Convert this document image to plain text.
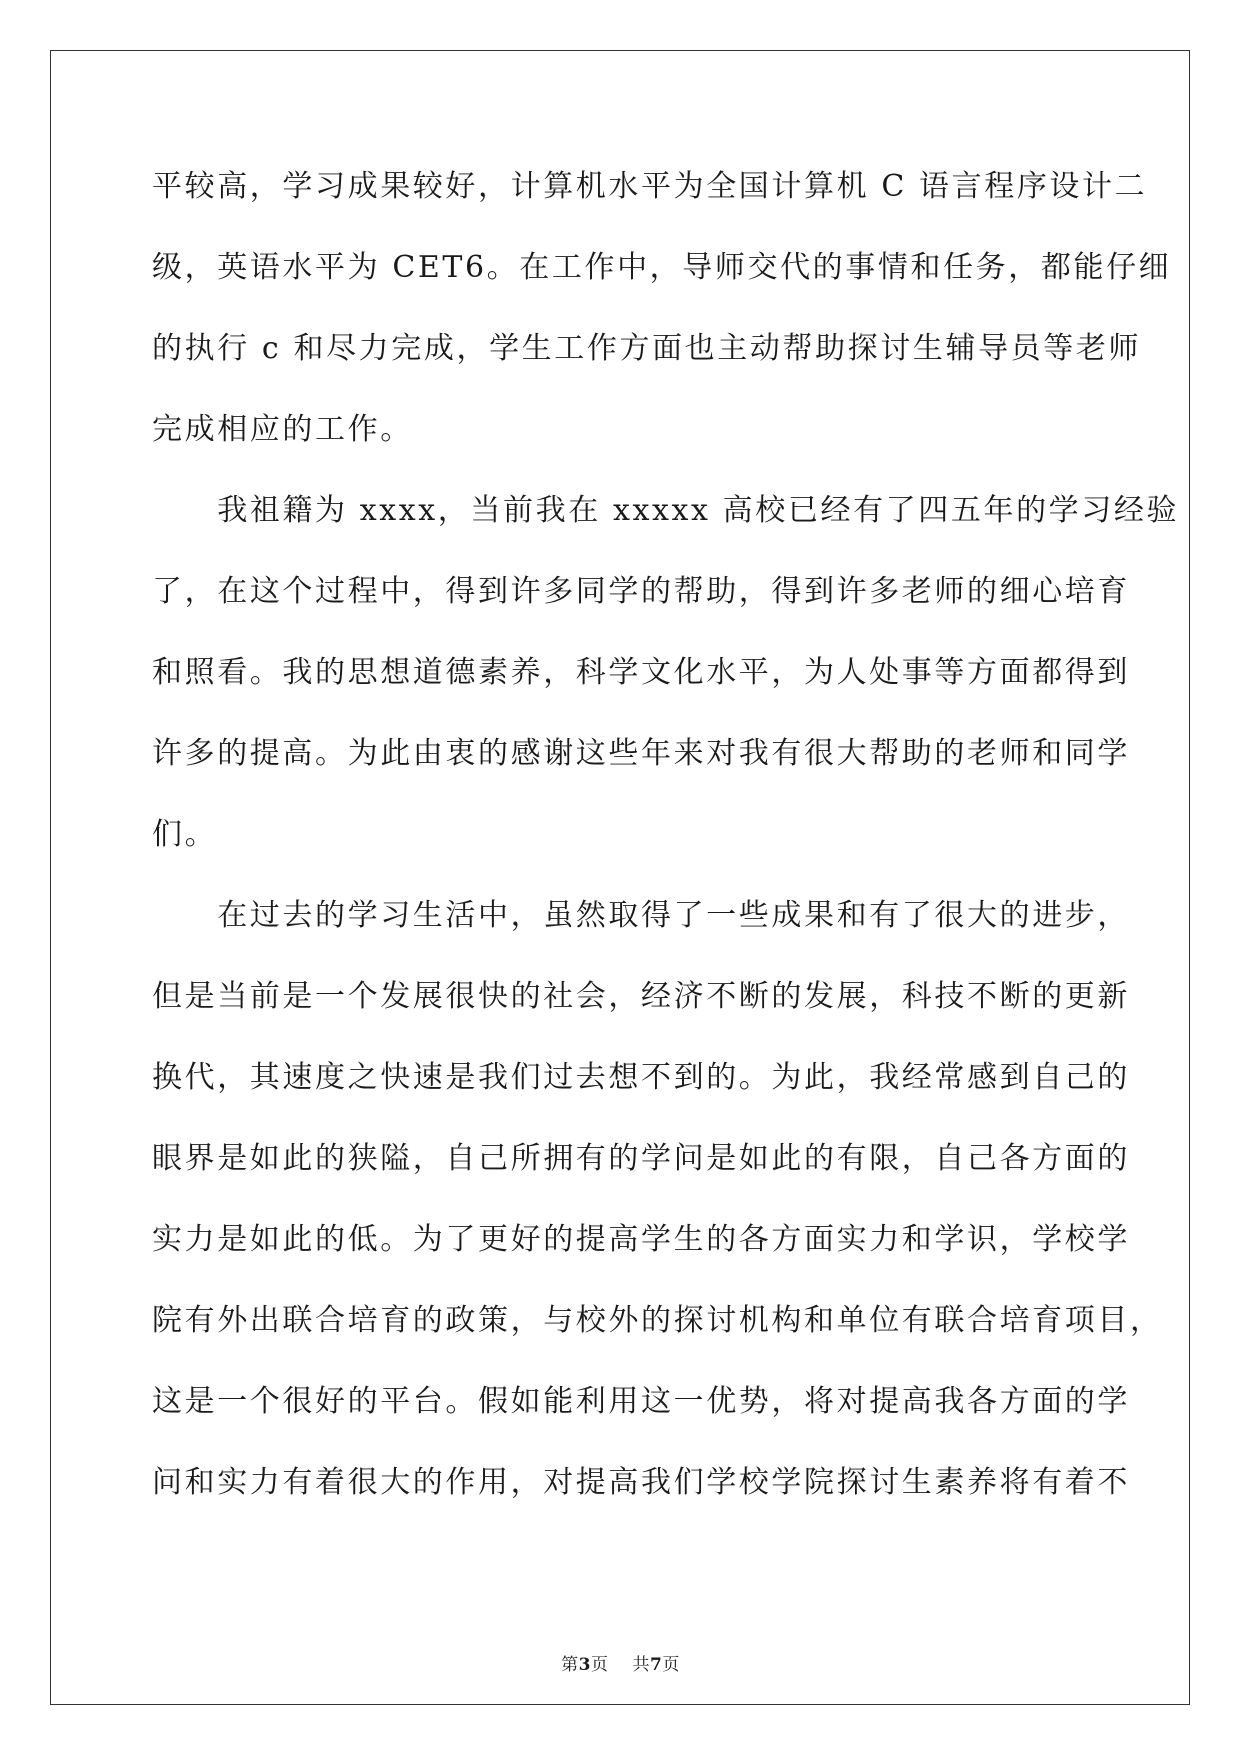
平较高，学习成果较好，计算机水平为全国计算机 C 语言程序设计二
级，英语水平为 CET6。在工作中，导师交代的事情和任务，都能仔细
的执行 c 和尽力完成，学生工作方面也主动帮助探讨生辅导员等老师
完成相应的工作。
　　我祖籍为 xxxx，当前我在 xxxxx 高校已经有了四五年的学习经验
了，在这个过程中，得到许多同学的帮助，得到许多老师的细心培育
和照看。我的思想道德素养，科学文化水平，为人处事等方面都得到
许多的提高。为此由衷的感谢这些年来对我有很大帮助的老师和同学
们。
　　在过去的学习生活中，虽然取得了一些成果和有了很大的进步，
但是当前是一个发展很快的社会，经济不断的发展，科技不断的更新
换代，其速度之快速是我们过去想不到的。为此，我经常感到自己的
眼界是如此的狭隘，自己所拥有的学问是如此的有限，自己各方面的
实力是如此的低。为了更好的提高学生的各方面实力和学识，学校学
院有外出联合培育的政策，与校外的探讨机构和单位有联合培育项目，
这是一个很好的平台。假如能利用这一优势，将对提高我各方面的学
问和实力有着很大的作用，对提高我们学校学院探讨生素养将有着不
第3页 共7页
